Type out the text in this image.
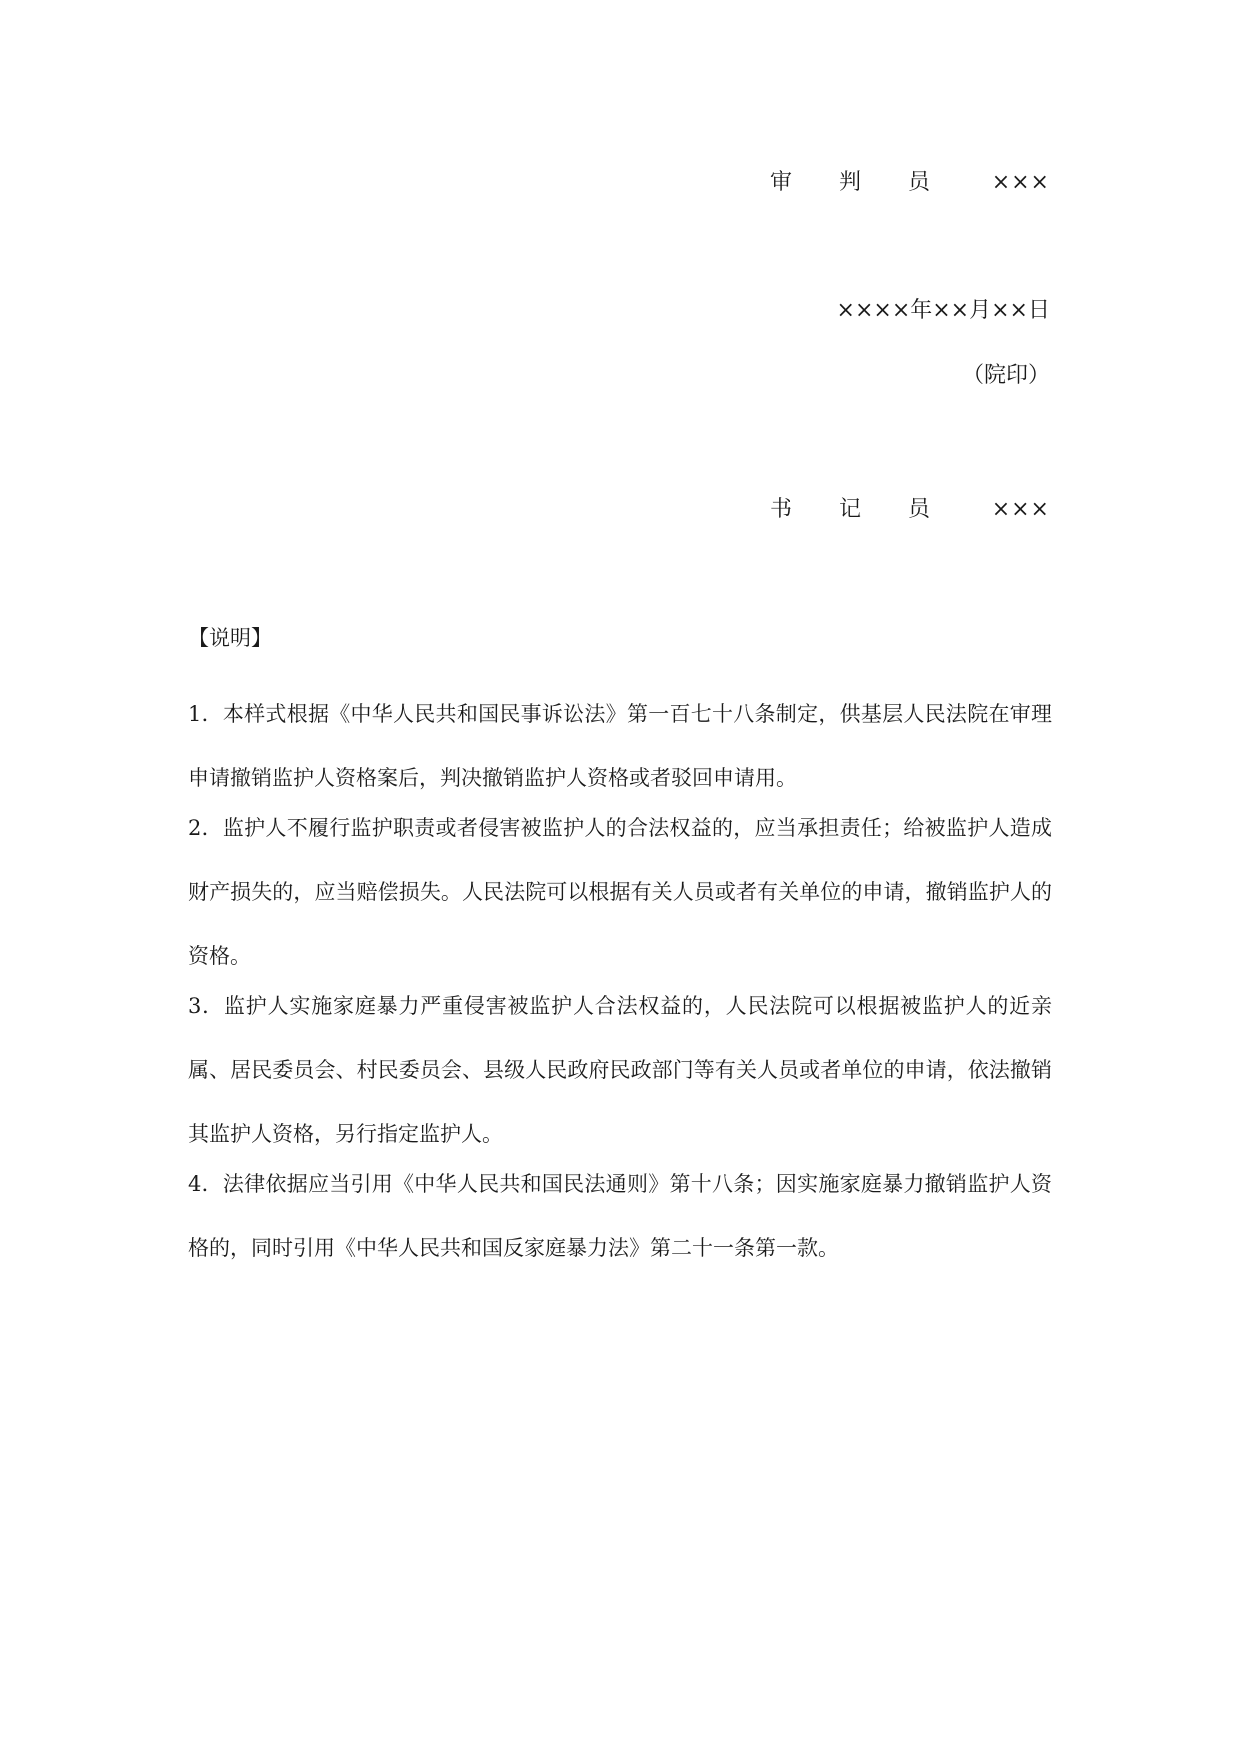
审 判 员	×××
××××年××月××日
（院印）
书 记 员	×××
【说明】

1．本样式根据《中华人民共和国民事诉讼法》第一百七十八条制定，供基层人民法院在审理申请撤销监护人资格案后，判决撤销监护人资格或者驳回申请用。

2．监护人不履行监护职责或者侵害被监护人的合法权益的，应当承担责任；给被监护人造成财产损失的，应当赔偿损失。人民法院可以根据有关人员或者有关单位的申请，撤销监护人的资格。

3．监护人实施家庭暴力严重侵害被监护人合法权益的，人民法院可以根据被监护人的近亲属、居民委员会、村民委员会、县级人民政府民政部门等有关人员或者单位的申请，依法撤销其监护人资格，另行指定监护人。

4．法律依据应当引用《中华人民共和国民法通则》第十八条；因实施家庭暴力撤销监护人资格的，同时引用《中华人民共和国反家庭暴力法》第二十一条第一款。
